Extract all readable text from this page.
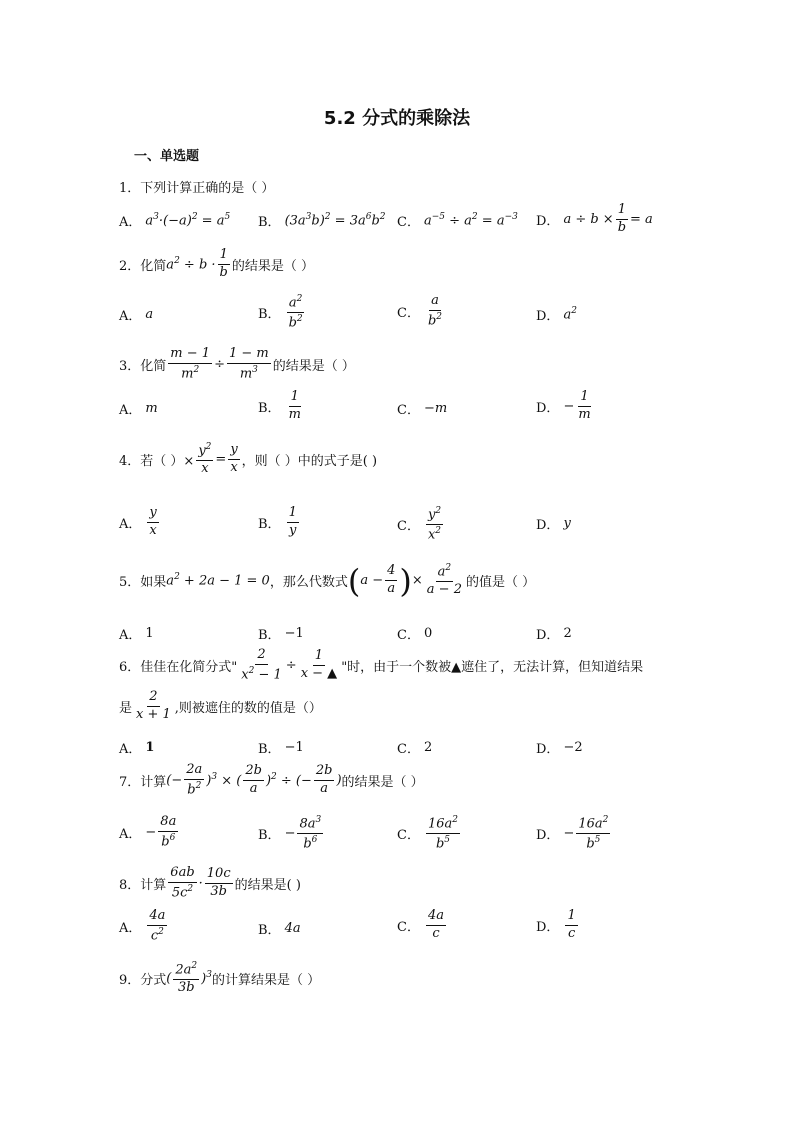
5.2 分式的乘除法
一、单选题
1． 下列计算正确的是（ ）
A． $a^3\cdot(-a)^2 = a^5$ B． $(3a^3b)^2 = 3a^6b^2$ C． $a^{-5} \div a^2 = a^{-3}$ D． $a \div b \times \frac{1}{b} = a$
2． 化简 $a^2 \div b \cdot \frac{1}{b}$ 的结果是（ ）
A． a	B． $\frac{a^2}{b^2}$	C． $\frac{a}{b^2}$	D． $a^2$
3． 化简 $\frac{m - 1}{m^2} \div \frac{1 - m}{m^3}$ 的结果是（ ）
A． m	B． $\frac{1}{m}$	C． −m	D． − $\frac{1}{m}$
4． 若（ ）× $\frac{y^2}{x} = \frac{y}{x}$ ，则（ ）中的式子是( )
A． $\frac{y}{x}$	B． $\frac{1}{y}$	C． $\frac{y^2}{x^2}$	D． y
5． 如果 $a^2 + 2a - 1 = 0$ ，那么代数式 ( $a - \frac{4}{a}$ ) × $\frac{a^2}{a - 2}$ 的值是（ ）
A． 1	B． −1	C． 0	D． 2
6． 佳佳在化简分式" $\frac{2}{x^2 - 1} \div \frac{1}{x - ▲}$ "时，由于一个数被▲遮住了，无法计算，但知道结果
是 $\frac{2}{x + 1}$ ,则被遮住的数的值是（）
A． 1	B． −1	C． 2	D． −2
7． 计算 (− $\frac{2a}{b^2} )^3$ × ( $\frac{2b}{a} )^2$ ÷ (− $\frac{2b}{a}$ ) 的结果是（ ）
A． − $\frac{8a}{b^6}$	B． − $\frac{8a^3}{b^6}$	C． $\frac{16a^2}{b^5}$	D． − $\frac{16a^2}{b^5}$
8． 计算 $\frac{6ab}{5c^2} \cdot \frac{10c}{3b}$ 的结果是( )
A． $\frac{4a}{c^2}$	B． 4a	C． $\frac{4a}{c}$	D． $\frac{1}{c}$
9． 分式 ( $\frac{2a^2}{3b} )^3$ 的计算结果是（ ）
